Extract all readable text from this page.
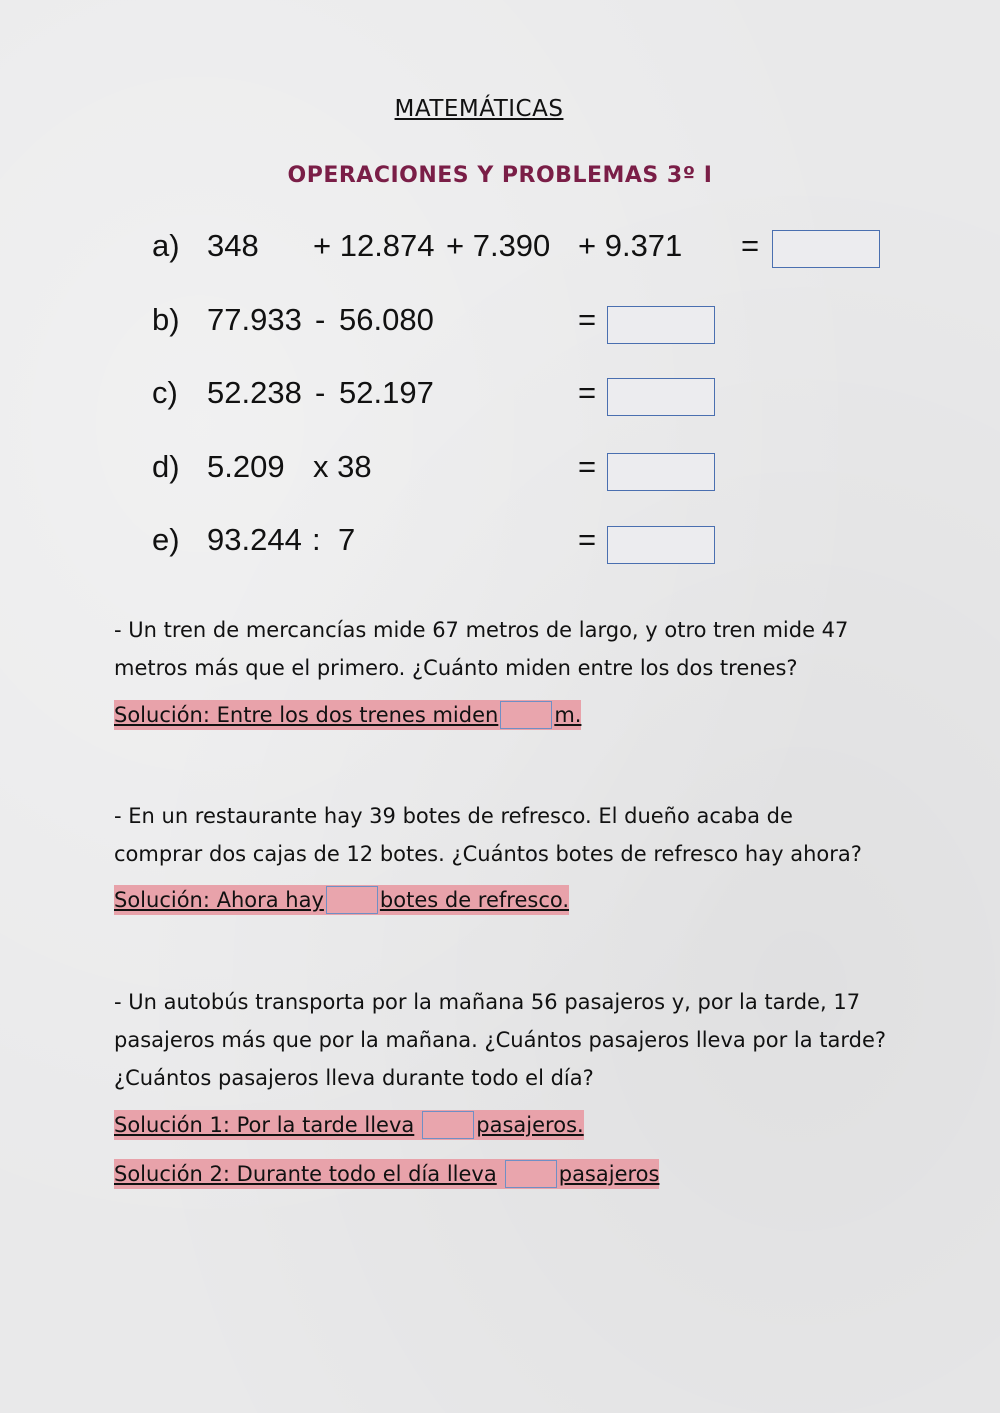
MATEMÁTICAS
OPERACIONES Y PROBLEMAS 3º I
a) 348 + 12.874 + 7.390 + 9.371 =
b) 77.933 - 56.080	=
c) 52.238 - 52.197	=
d) 5.209 x 38	=
e) 93.244 : 7	=
- Un tren de mercancías mide 67 metros de largo, y otro tren mide 47
metros más que el primero. ¿Cuánto miden entre los dos trenes?
Solución: Entre los dos trenes miden	m.
- En un restaurante hay 39 botes de refresco. El dueño acaba de
comprar dos cajas de 12 botes. ¿Cuántos botes de refresco hay ahora?
Solución: Ahora hay	botes de refresco.
- Un autobús transporta por la mañana 56 pasajeros y, por la tarde, 17
pasajeros más que por la mañana. ¿Cuántos pasajeros lleva por la tarde?
¿Cuántos pasajeros lleva durante todo el día?
Solución 1: Por la tarde lleva	pasajeros.
Solución 2: Durante todo el día lleva	pasajeros
